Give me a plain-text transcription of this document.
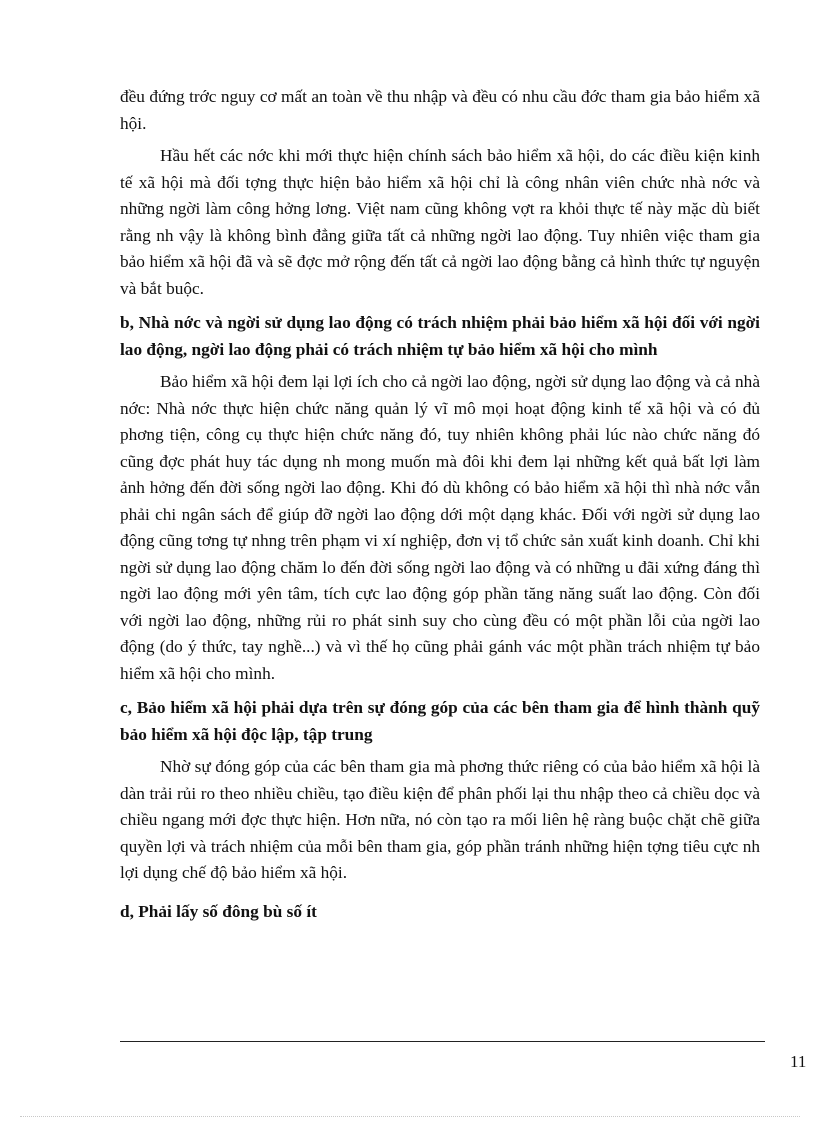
đều đứng trớc nguy cơ mất an toàn về thu nhập và đều có nhu cầu đớc tham gia bảo hiểm xã hội.

Hầu hết các nớc khi mới thực hiện chính sách bảo hiểm xã hội, do các điều kiện kinh tế xã hội mà đối tợng thực hiện bảo hiểm xã hội chỉ là công nhân viên chức nhà nớc và những ngời làm công hởng lơng. Việt nam cũng không vợt ra khỏi thực tế này mặc dù biết rằng nh vậy là không bình đẳng giữa tất cả những ngời lao động. Tuy nhiên việc tham gia bảo hiểm xã hội đã và sẽ đợc mở rộng đến tất cả ngời lao động bằng cả hình thức tự nguyện và bắt buộc.

b, Nhà nớc và ngời sử dụng lao động có trách nhiệm phải bảo hiểm xã hội đối với ngời lao động, ngời lao động phải có trách nhiệm tự bảo hiểm xã hội cho mình

Bảo hiểm xã hội đem lại lợi ích cho cả ngời lao động, ngời sử dụng lao động và cả nhà nớc: Nhà nớc thực hiện chức năng quản lý vĩ mô mọi hoạt động kinh tế xã hội và có đủ phơng tiện, công cụ thực hiện chức năng đó, tuy nhiên không phải lúc nào chức năng đó cũng đợc phát huy tác dụng nh mong muốn mà đôi khi đem lại những kết quả bất lợi làm ảnh hởng đến đời sống ngời lao động. Khi đó dù không có bảo hiểm xã hội thì nhà nớc vẫn phải chi ngân sách để giúp đỡ ngời lao động dới một dạng khác. Đối với ngời sử dụng lao động cũng tơng tự nhng trên phạm vi xí nghiệp, đơn vị tổ chức sản xuất kinh doanh. Chỉ khi ngời sử dụng lao động chăm lo đến đời sống ngời lao động và có những u đãi xứng đáng thì ngời lao động mới yên tâm, tích cực lao động góp phần tăng năng suất lao động. Còn đối với ngời lao động, những rủi ro phát sinh suy cho cùng đều có một phần lỗi của ngời lao động (do ý thức, tay nghề...) và vì thế họ cũng phải gánh vác một phần trách nhiệm tự bảo hiểm xã hội cho mình.

c, Bảo hiểm xã hội phải dựa trên sự đóng góp của các bên tham gia để hình thành quỹ bảo hiểm xã hội độc lập, tập trung

Nhờ sự đóng góp của các bên tham gia mà phơng thức riêng có của bảo hiểm xã hội là dàn trải rủi ro theo nhiều chiều, tạo điều kiện để phân phối lại thu nhập theo cả chiều dọc và chiều ngang mới đợc thực hiện. Hơn nữa, nó còn tạo ra mối liên hệ ràng buộc chặt chẽ giữa quyền lợi và trách nhiệm của mỗi bên tham gia, góp phần tránh những hiện tợng tiêu cực nh lợi dụng chế độ bảo hiểm xã hội.

d, Phải lấy số đông bù số ít

11
